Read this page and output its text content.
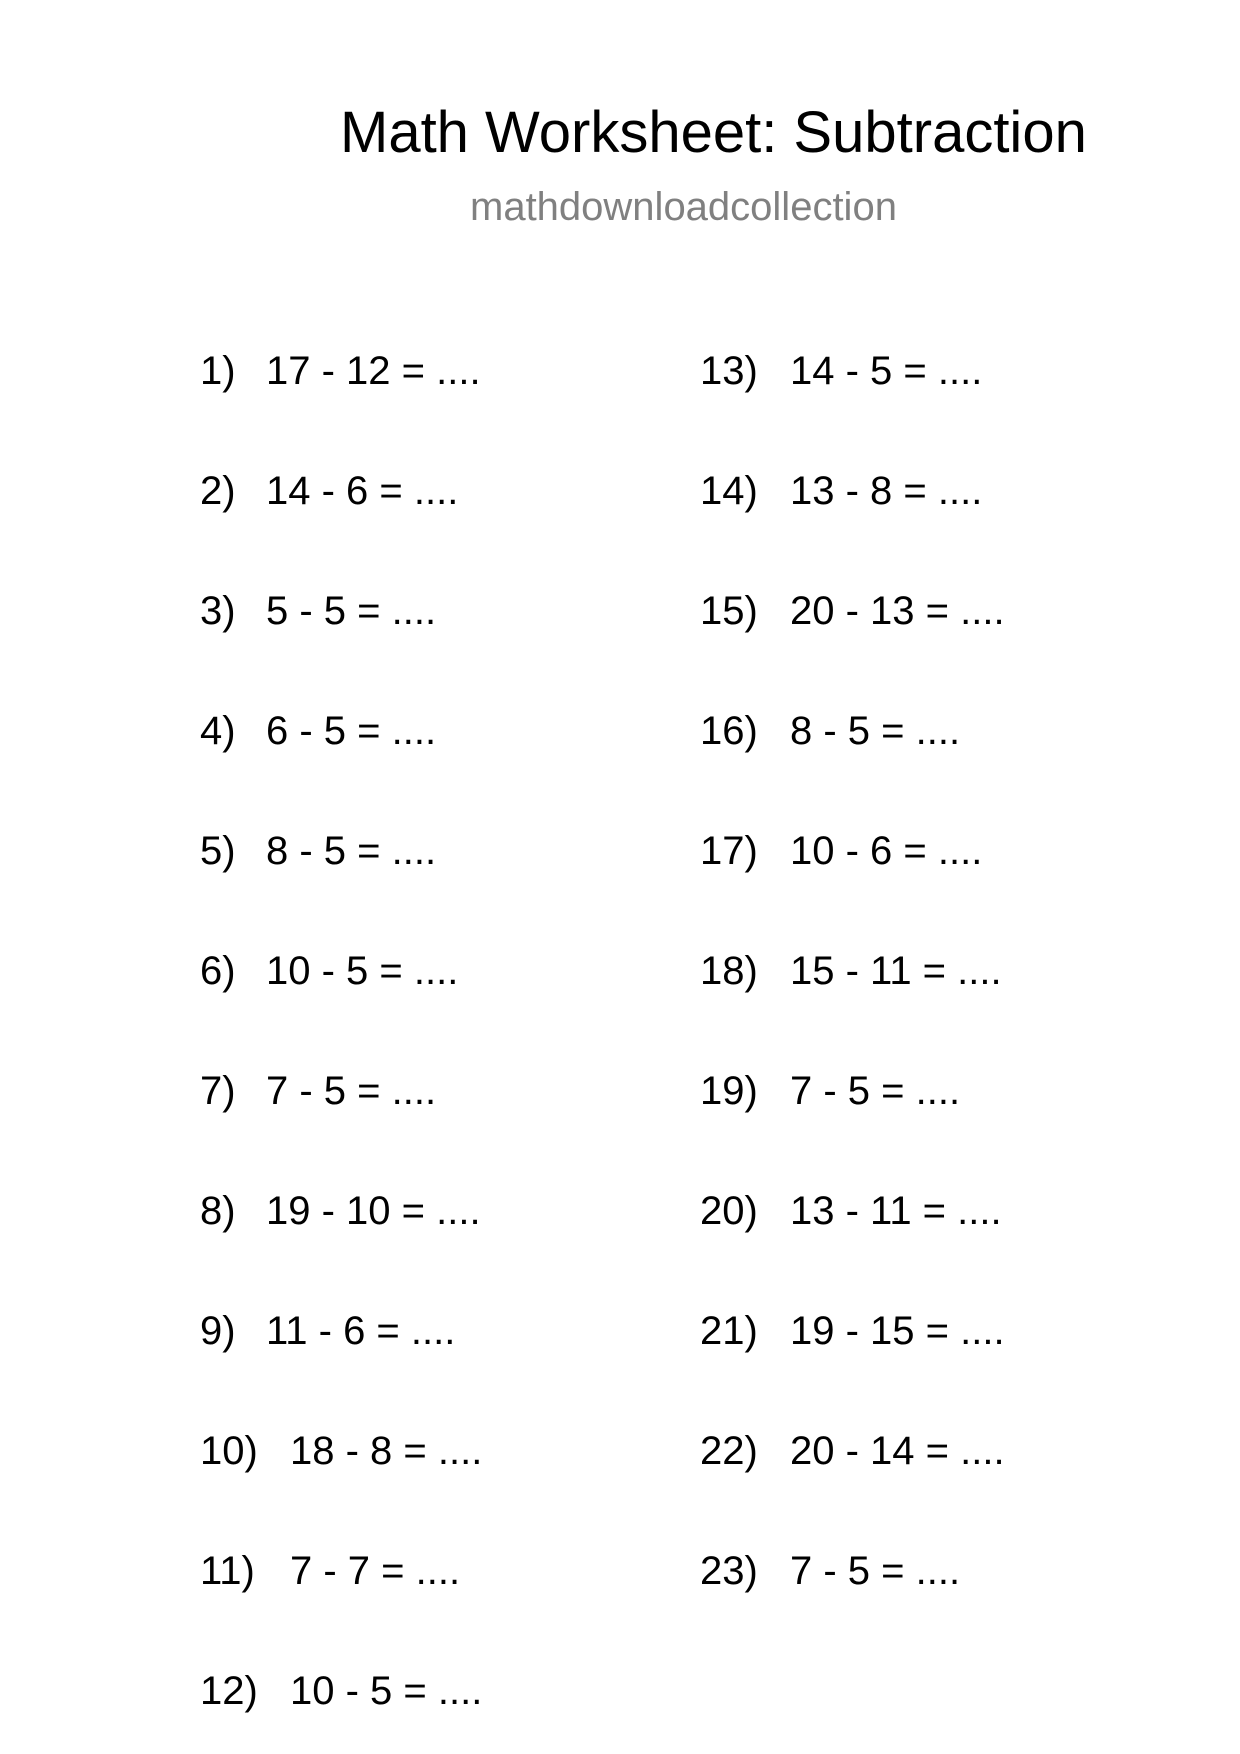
Math Worksheet: Subtraction
mathdownloadcollection
1) 17 - 12 = ....
2) 14 - 6 = ....
3) 5 - 5 = ....
4) 6 - 5 = ....
5) 8 - 5 = ....
6) 10 - 5 = ....
7) 7 - 5 = ....
8) 19 - 10 = ....
9) 11 - 6 = ....
10) 18 - 8 = ....
11) 7 - 7 = ....
12) 10 - 5 = ....
13) 14 - 5 = ....
14) 13 - 8 = ....
15) 20 - 13 = ....
16) 8 - 5 = ....
17) 10 - 6 = ....
18) 15 - 11 = ....
19) 7 - 5 = ....
20) 13 - 11 = ....
21) 19 - 15 = ....
22) 20 - 14 = ....
23) 7 - 5 = ....
